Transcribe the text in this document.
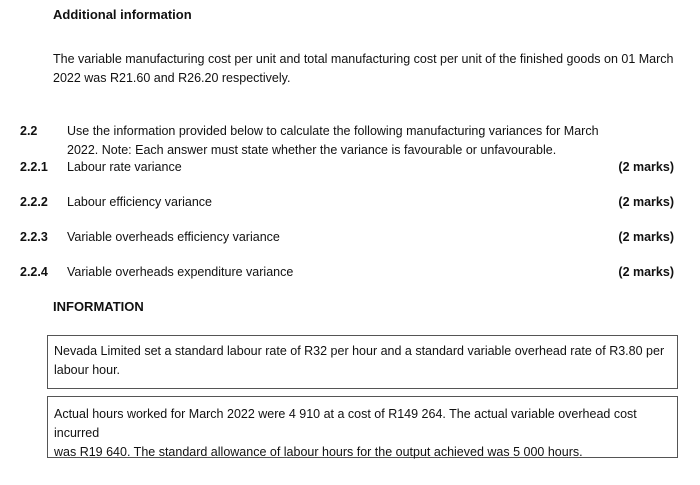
Additional information
The variable manufacturing cost per unit and total manufacturing cost per unit of the finished goods on 01 March
2022 was R21.60 and R26.20 respectively.
2.2 Use the information provided below to calculate the following manufacturing variances for March
2022. Note: Each answer must state whether the variance is favourable or unfavourable.
2.2.1 Labour rate variance	(2 marks)
2.2.2 Labour efficiency variance	(2 marks)
2.2.3 Variable overheads efficiency variance	(2 marks)
2.2.4 Variable overheads expenditure variance	(2 marks)
INFORMATION
Nevada Limited set a standard labour rate of R32 per hour and a standard variable overhead rate of R3.80 per
labour hour.
Actual hours worked for March 2022 were 4 910 at a cost of R149 264. The actual variable overhead cost incurred
was R19 640. The standard allowance of labour hours for the output achieved was 5 000 hours.
